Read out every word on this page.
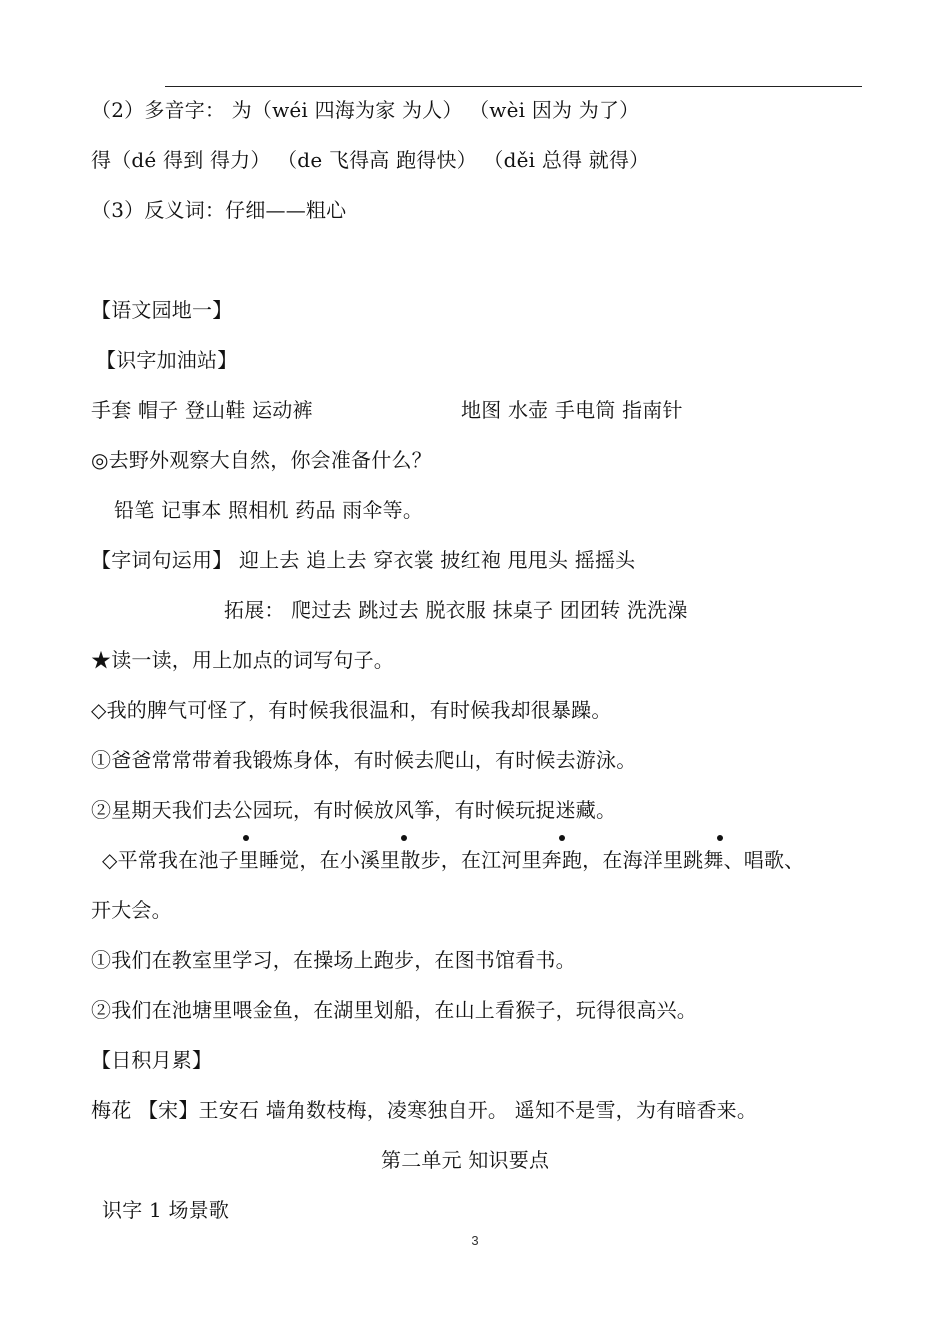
（2）多音字： 为（wéi 四海为家 为人） （wèi 因为 为了）
得（dé 得到 得力） （de 飞得高 跑得快） （děi 总得 就得）
（3）反义词：仔细——粗心
【语文园地一】
【识字加油站】
手套 帽子 登山鞋 运动裤	地图 水壶 手电筒 指南针
◎去野外观察大自然，你会准备什么？
铅笔 记事本 照相机 药品 雨伞等。
【字词句运用】 迎上去 追上去 穿衣裳 披红袍 甩甩头 摇摇头
拓展： 爬过去 跳过去 脱衣服 抹桌子 团团转 洗洗澡
★读一读，用上加点的词写句子。
◇我的脾气可怪了，有时候我很温和，有时候我却很暴躁。
①爸爸常常带着我锻炼身体，有时候去爬山，有时候去游泳。
②星期天我们去公园玩，有时候放风筝，有时候玩捉迷藏。
◇平常我在池子里睡觉，在小溪里散步，在江河里奔跑，在海洋里跳舞、唱歌、
开大会。
①我们在教室里学习，在操场上跑步，在图书馆看书。
②我们在池塘里喂金鱼，在湖里划船，在山上看猴子，玩得很高兴。
【日积月累】
梅花 【宋】王安石 墙角数枝梅，凌寒独自开。 遥知不是雪，为有暗香来。
第二单元 知识要点
识字 1 场景歌
3
